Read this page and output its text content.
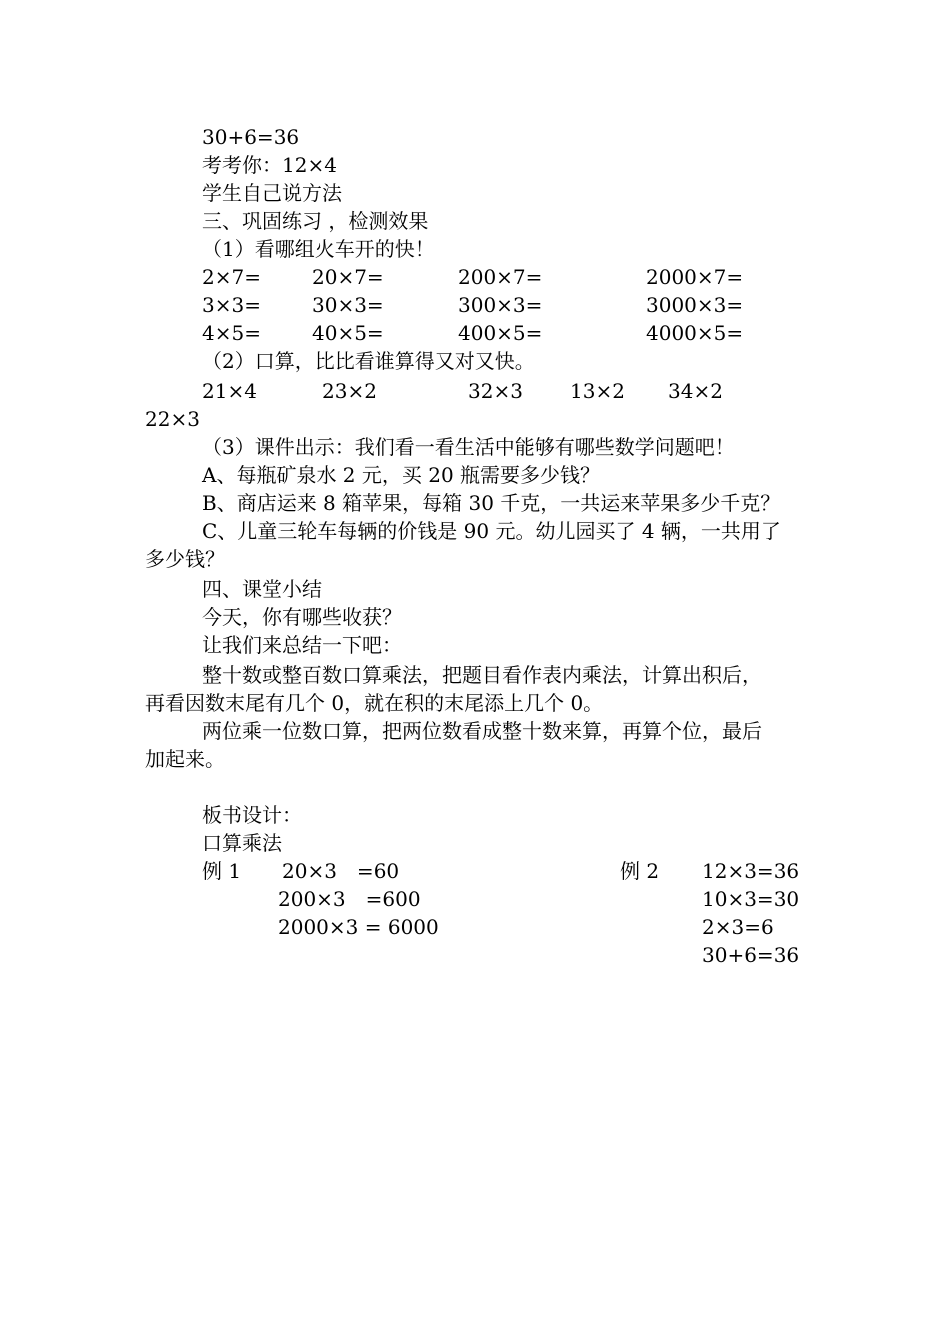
30+6=36
考考你：12×4
学生自己说方法
三、巩固练习 ，检测效果
（1）看哪组火车开的快！
2×7=	20×7=	200×7=	2000×7=
3×3=	30×3=	300×3=	3000×3=
4×5=	40×5=	400×5=	4000×5=
（2）口算，比比看谁算得又对又快。
21×4	23×2	32×3 13×2 34×2
22×3
（3）课件出示：我们看一看生活中能够有哪些数学问题吧！
A、每瓶矿泉水 2 元，买 20 瓶需要多少钱？
B、商店运来 8 箱苹果，每箱 30 千克，一共运来苹果多少千克？
C、儿童三轮车每辆的价钱是 90 元。幼儿园买了 4 辆，一共用了
多少钱？
四、课堂小结
今天，你有哪些收获？
让我们来总结一下吧：
整十数或整百数口算乘法，把题目看作表内乘法，计算出积后，
再看因数末尾有几个 0，就在积的末尾添上几个 0。
两位乘一位数口算，把两位数看成整十数来算，再算个位，最后
加起来。
板书设计：
口算乘法
例 1 20×3　=60
200×3　=600
2000×3 = 6000
例 2 12×3=36
10×3=30
2×3=6
30+6=36
